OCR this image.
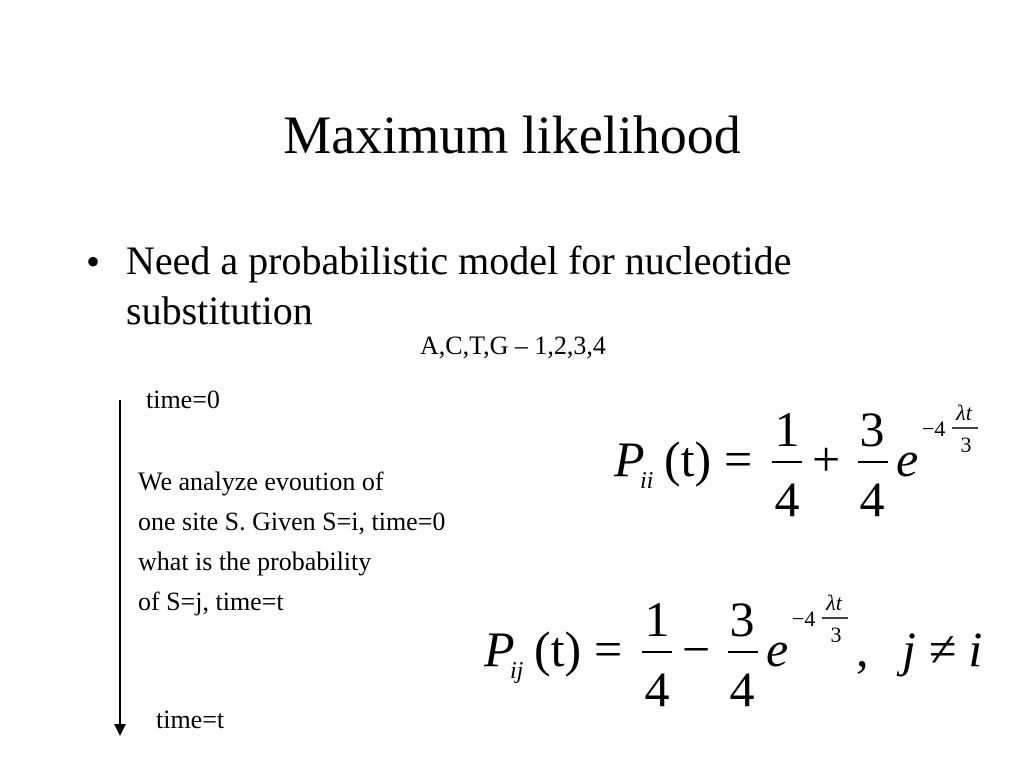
Maximum likelihood
• Need a probabilistic model for nucleotide
substitution
A,C,T,G – 1,2,3,4
time=0
time=t
We analyze evoution of
one site S. Given S=i, time=0
what is the probability
of S=j, time=t
P
ii (t) =
1
4
+
3
4
e
−4
λt
3
P
ij (t) =
1
4
−
3
4
e
−4
λt
3 , j ≠ i
